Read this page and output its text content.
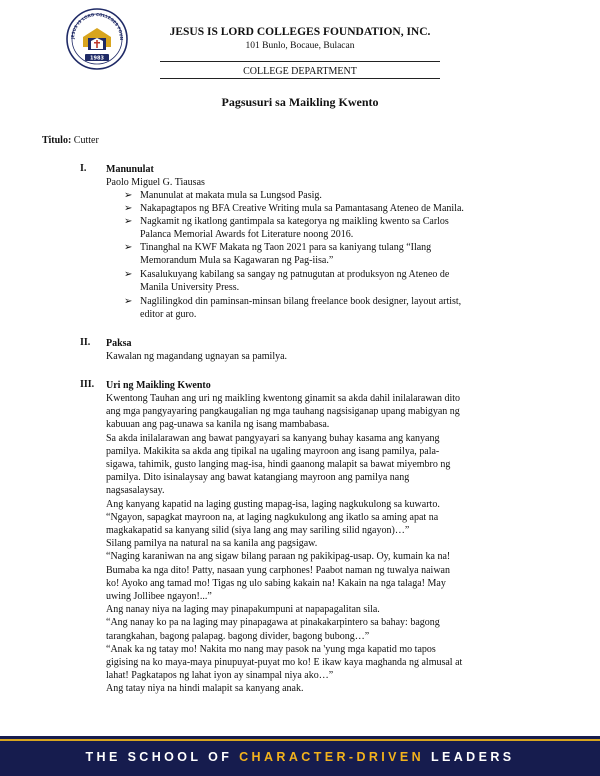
JESUS IS LORD COLLEGES FOUN
1983
JESUS IS LORD COLLEGES FOUNDATION, INC.
101 Bunlo, Bocaue, Bulacan
COLLEGE DEPARTMENT
Pagsusuri sa Maikling Kwento
Titulo: Cutter
I. Manunulat
Paolo Miguel G. Tiausas
➢ Manunulat at makata mula sa Lungsod Pasig.
➢ Nakapagtapos ng BFA Creative Writing mula sa Pamantasang Ateneo de Manila.
➢ Nagkamit ng ikatlong gantimpala sa kategorya ng maikling kwento sa Carlos
Palanca Memorial Awards fot Literature noong 2016.
➢ Tinanghal na KWF Makata ng Taon 2021 para sa kaniyang tulang “Ilang
Memorandum Mula sa Kagawaran ng Pag-iisa.”
➢ Kasalukuyang kabilang sa sangay ng patnugutan at produksyon ng Ateneo de
Manila University Press.
➢ Naglilingkod din paminsan-minsan bilang freelance book designer, layout artist,
editor at guro.
II. Paksa
Kawalan ng magandang ugnayan sa pamilya.
III. Uri ng Maikling Kwento
Kwentong Tauhan ang uri ng maikling kwentong ginamit sa akda dahil inilalarawan dito
ang mga pangyayaring pangkaugalian ng mga tauhang nagsisiganap upang mabigyan ng
kabuuan ang pag-unawa sa kanila ng isang mambabasa.
Sa akda inilalarawan ang bawat pangyayari sa kanyang buhay kasama ang kanyang
pamilya. Makikita sa akda ang tipikal na ugaling mayroon ang isang pamilya, pala-
sigawa, tahimik, gusto langing mag-isa, hindi gaanong malapit sa bawat miyembro ng
pamilya. Dito isinalaysay ang bawat katangiang mayroon ang pamilya nang
nagsasalaysay.
Ang kanyang kapatid na laging gusting mapag-isa, laging nagkukulong sa kuwarto.
“Ngayon, sapagkat mayroon na, at laging nagkukulong ang ikatlo sa aming apat na
magkakapatid sa kanyang silid (siya lang ang may sariling silid ngayon)…”
Silang pamilya na natural na sa kanila ang pagsigaw.
“Naging karaniwan na ang sigaw bilang paraan ng pakikipag-usap. Oy, kumain ka na!
Bumaba ka nga dito! Patty, nasaan yung carphones! Paabot naman ng tuwalya naiwan
ko! Ayoko ang tamad mo! Tigas ng ulo sabing kakain na! Kakain na nga talaga! May
uwing Jollibee ngayon!...”
Ang nanay niya na laging may pinapakumpuni at napapagalitan sila.
“Ang nanay ko pa na laging may pinapagawa at pinakakarpintero sa bahay: bagong
tarangkahan, bagong palapag. bagong divider, bagong bubong…”
“Anak ka ng tatay mo! Nakita mo nang may pasok na 'yung mga kapatid mo tapos
gigising na ko maya-maya pinupuyat-puyat mo ko! E ikaw kaya maghanda ng almusal at
lahat! Pagkatapos ng lahat iyon ay sinampal niya ako…”
Ang tatay niya na hindi malapit sa kanyang anak.
THE SCHOOL OF CHARACTER-DRIVEN LEADERS
